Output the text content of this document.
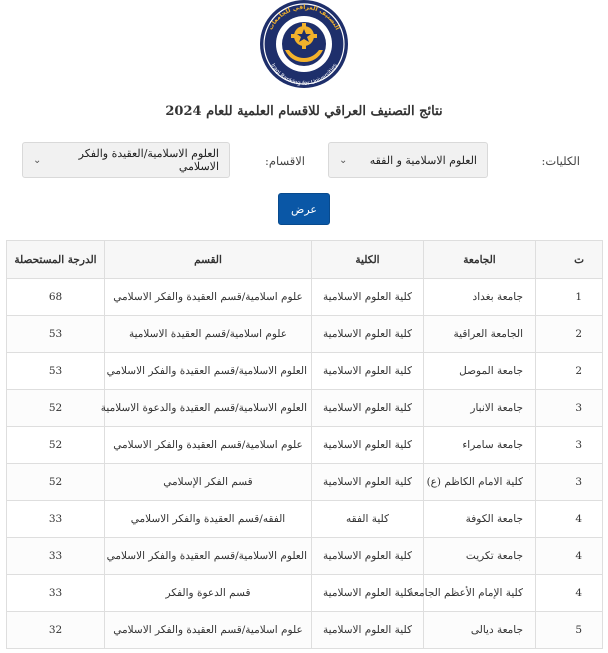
التصنيف العراقي للجامعات
Iraqi Ranking for Universities
نتائج التصنيف العراقي للاقسام العلمية للعام 2024
الكليات:
العلوم الاسلامية و الفقه
⌄
الاقسام:
العلوم الاسلامية/العقيدة والفكر الاسلامي
⌄
عرض
ت	الجامعة	الكلية	القسم	الدرجة المستحصلة
1	جامعة بغداد	كلية العلوم الاسلامية	علوم اسلامية/قسم العقيدة والفكر الاسلامي	68
2	الجامعة العراقية	كلية العلوم الاسلامية	علوم اسلامية/قسم العقيدة الاسلامية	53
2	جامعة الموصل	كلية العلوم الاسلامية	العلوم الاسلامية/قسم العقيدة والفكر الاسلامي	53
3	جامعة الانبار	كلية العلوم الاسلامية	العلوم الاسلامية/قسم العقيدة والدعوة الاسلامية	52
3	جامعة سامراء	كلية العلوم الاسلامية	علوم اسلامية/قسم العقيدة والفكر الاسلامي	52
3	كلية الامام الكاظم (ع)	كلية العلوم الاسلامية	قسم الفكر الإسلامي	52
4	جامعة الكوفة	كلية الفقه	الفقه/قسم العقيدة والفكر الاسلامي	33
4	جامعة تكريت	كلية العلوم الاسلامية	العلوم الاسلامية/قسم العقيدة والفكر الاسلامي	33
4	كلية الإمام الأعظم الجامعة	كلية العلوم الاسلامية	قسم الدعوة والفكر	33
5	جامعة ديالى	كلية العلوم الاسلامية	علوم اسلامية/قسم العقيدة والفكر الاسلامي	32
